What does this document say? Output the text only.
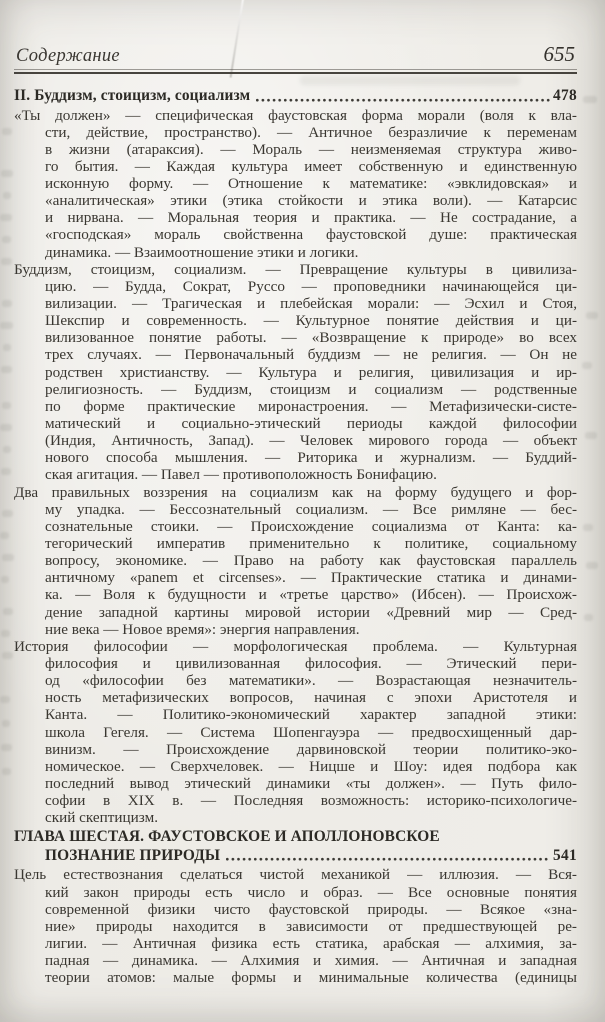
Содержание	655
II. Буддизм, стоицизм, социализм	478
«Ты должен» — специфическая фаустовская форма морали (воля к вла-
сти, действие, пространство). — Античное безразличие к переменам
в жизни (атараксия). — Мораль — неизменяемая структура живо-
го бытия. — Каждая культура имеет собственную и единственную
исконную форму. — Отношение к математике: «эвклидовская» и
«аналитическая» этики (этика стойкости и этика воли). — Катарсис
и нирвана. — Моральная теория и практика. — Не сострадание, а
«господская» мораль свойственна фаустовской душе: практическая
динамика. — Взаимоотношение этики и логики.
Буддизм, стоицизм, социализм. — Превращение культуры в цивилиза-
цию. — Будда, Сократ, Руссо — проповедники начинающейся ци-
вилизации. — Трагическая и плебейская морали: — Эсхил и Стоя,
Шекспир и современность. — Культурное понятие действия и ци-
вилизованное понятие работы. — «Возвращение к природе» во всех
трех случаях. — Первоначальный буддизм — не религия. — Он не
родствен христианству. — Культура и религия, цивилизация и ир-
религиозность. — Буддизм, стоицизм и социализм — родственные
по форме практические миронастроения. — Метафизически-систе-
матический и социально-этический периоды каждой философии
(Индия, Античность, Запад). — Человек мирового города — объект
нового способа мышления. — Риторика и журнализм. — Буддий-
ская агитация. — Павел — противоположность Бонифацию.
Два правильных воззрения на социализм как на форму будущего и фор-
му упадка. — Бессознательный социализм. — Все римляне — бес-
сознательные стоики. — Происхождение социализма от Канта: ка-
тегорический императив применительно к политике, социальному
вопросу, экономике. — Право на работу как фаустовская параллель
античному «panem et circenses». — Практические статика и динами-
ка. — Воля к будущности и «третье царство» (Ибсен). — Происхож-
дение западной картины мировой истории «Древний мир — Сред-
ние века — Новое время»: энергия направления.
История философии — морфологическая проблема. — Культурная
философия и цивилизованная философия. — Этический пери-
од «философии без математики». — Возрастающая незначитель-
ность метафизических вопросов, начиная с эпохи Аристотеля и
Канта. — Политико-экономический характер западной этики:
школа Гегеля. — Система Шопенгауэра — предвосхищенный дар-
винизм. — Происхождение дарвиновской теории политико-эко-
номическое. — Сверхчеловек. — Ницше и Шоу: идея подбора как
последний вывод этический динамики «ты должен». — Путь фило-
софии в XIX в. — Последняя возможность: историко-психологиче-
ский скептицизм.
ГЛАВА ШЕСТАЯ. ФАУСТОВСКОЕ И АПОЛЛОНОВСКОЕ
ПОЗНАНИЕ ПРИРОДЫ	541
Цель естествознания сделаться чистой механикой — иллюзия. — Вся-
кий закон природы есть число и образ. — Все основные понятия
современной физики чисто фаустовской природы. — Всякое «зна-
ние» природы находится в зависимости от предшествующей ре-
лигии. — Античная физика есть статика, арабская — алхимия, за-
падная — динамика. — Алхимия и химия. — Античная и западная
теории атомов: малые формы и минимальные количества (единицы
